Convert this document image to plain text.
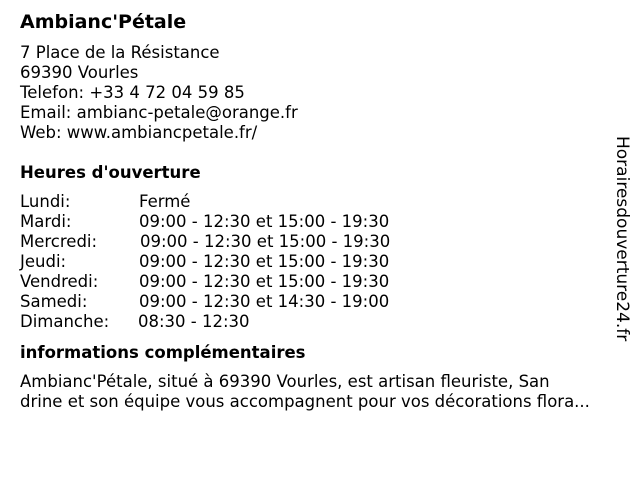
Ambianc'Pétale
7 Place de la Résistance
69390 Vourles
Telefon: +33 4 72 04 59 85
Email: ambianc-petale@orange.fr
Web: www.ambiancpetale.fr/
Heures d'ouverture
Lundi:	Fermé
Mardi:	09:00 - 12:30 et 15:00 - 19:30
Mercredi:	09:00 - 12:30 et 15:00 - 19:30
Jeudi:	09:00 - 12:30 et 15:00 - 19:30
Vendredi: 09:00 - 12:30 et 15:00 - 19:30
Samedi:	09:00 - 12:30 et 14:30 - 19:00
Dimanche: 08:30 - 12:30
informations complémentaires
Ambianc'Pétale, situé à 69390 Vourles, est artisan fleuriste, San
drine et son équipe vous accompagnent pour vos décorations flora...
Horairesdouverture24.fr
